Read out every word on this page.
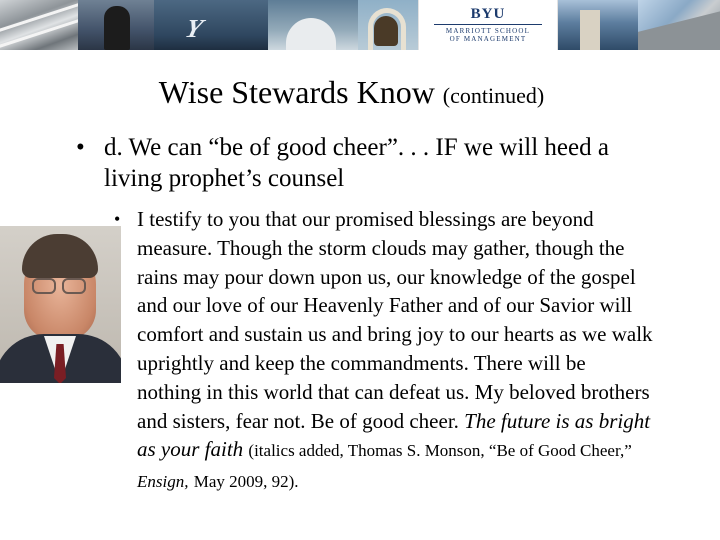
Y	BYU
MARRIOTT SCHOOL
OF MANAGEMENT
Wise Stewards Know (continued)
• d. We can “be of good cheer”. . . IF we will heed a living prophet’s counsel
• I testify to you that our promised blessings are beyond measure. Though the storm clouds may gather, though the rains may pour down upon us, our knowledge of the gospel and our love of our Heavenly Father and of our Savior will comfort and sustain us and bring joy to our hearts as we walk uprightly and keep the commandments. There will be nothing in this world that can defeat us. My beloved brothers and sisters, fear not. Be of good cheer. The future is as bright as your faith (italics added, Thomas S. Monson, “Be of Good Cheer,” Ensign, May 2009, 92).
